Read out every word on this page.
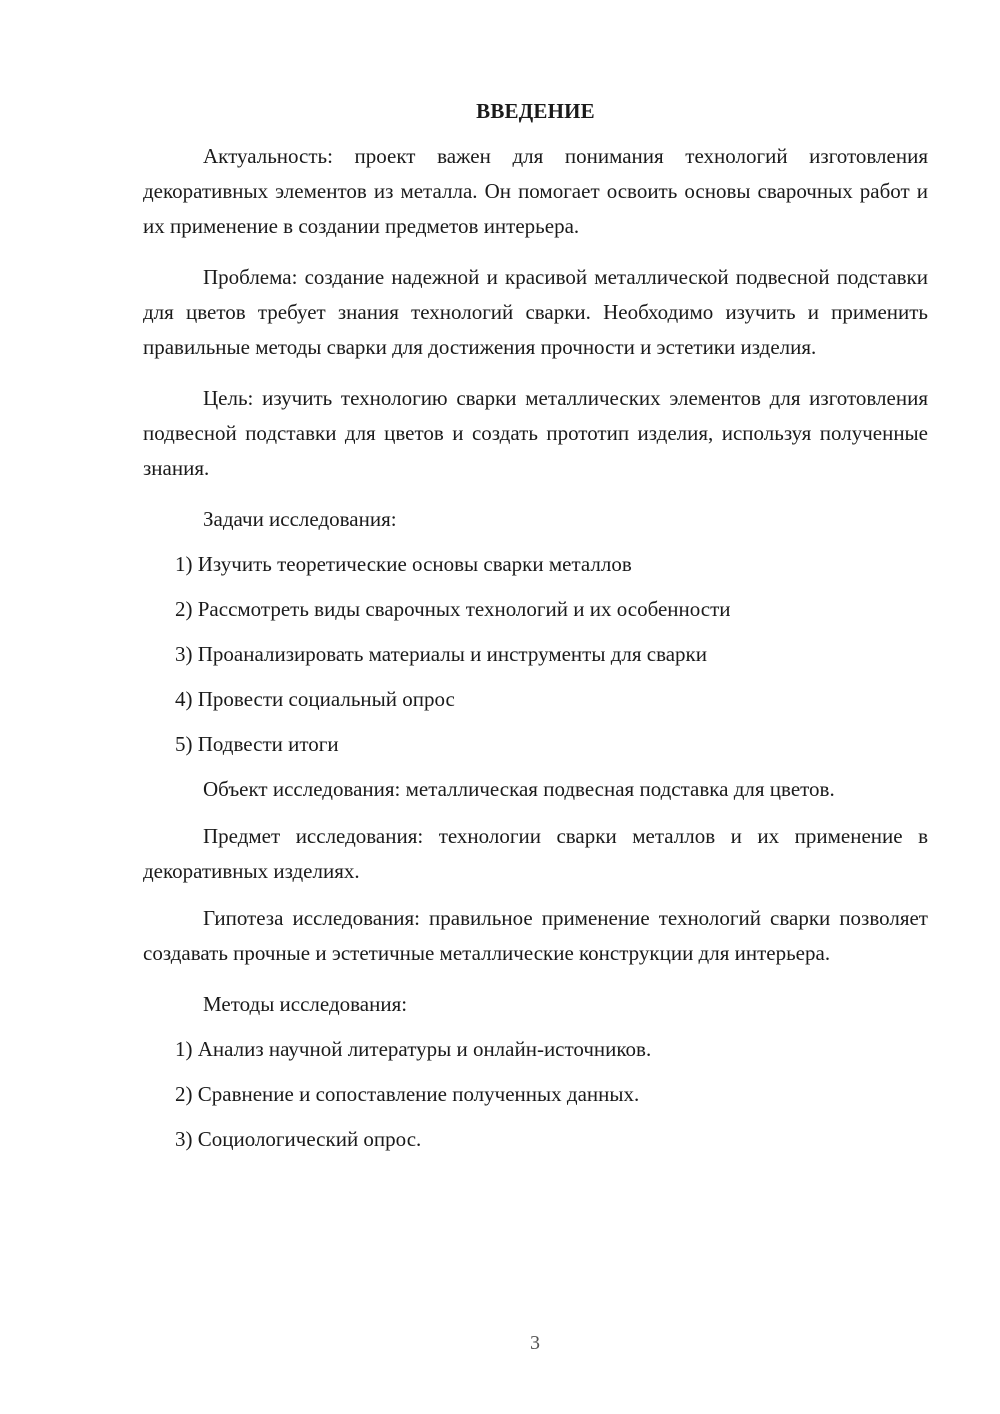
ВВЕДЕНИЕ

Актуальность: проект важен для понимания технологий изготовления декоративных элементов из металла. Он помогает освоить основы сварочных работ и их применение в создании предметов интерьера.

Проблема: создание надежной и красивой металлической подвесной подставки для цветов требует знания технологий сварки. Необходимо изучить и применить правильные методы сварки для достижения прочности и эстетики изделия.

Цель: изучить технологию сварки металлических элементов для изготовления подвесной подставки для цветов и создать прототип изделия, используя полученные знания.

Задачи исследования:

1) Изучить теоретические основы сварки металлов
2) Рассмотреть виды сварочных технологий и их особенности
3) Проанализировать материалы и инструменты для сварки
4) Провести социальный опрос
5) Подвести итоги

Объект исследования: металлическая подвесная подставка для цветов.

Предмет исследования: технологии сварки металлов и их применение в декоративных изделиях.

Гипотеза исследования: правильное применение технологий сварки позволяет создавать прочные и эстетичные металлические конструкции для интерьера.

Методы исследования:

1) Анализ научной литературы и онлайн-источников.
2) Сравнение и сопоставление полученных данных.
3) Социологический опрос.
3
